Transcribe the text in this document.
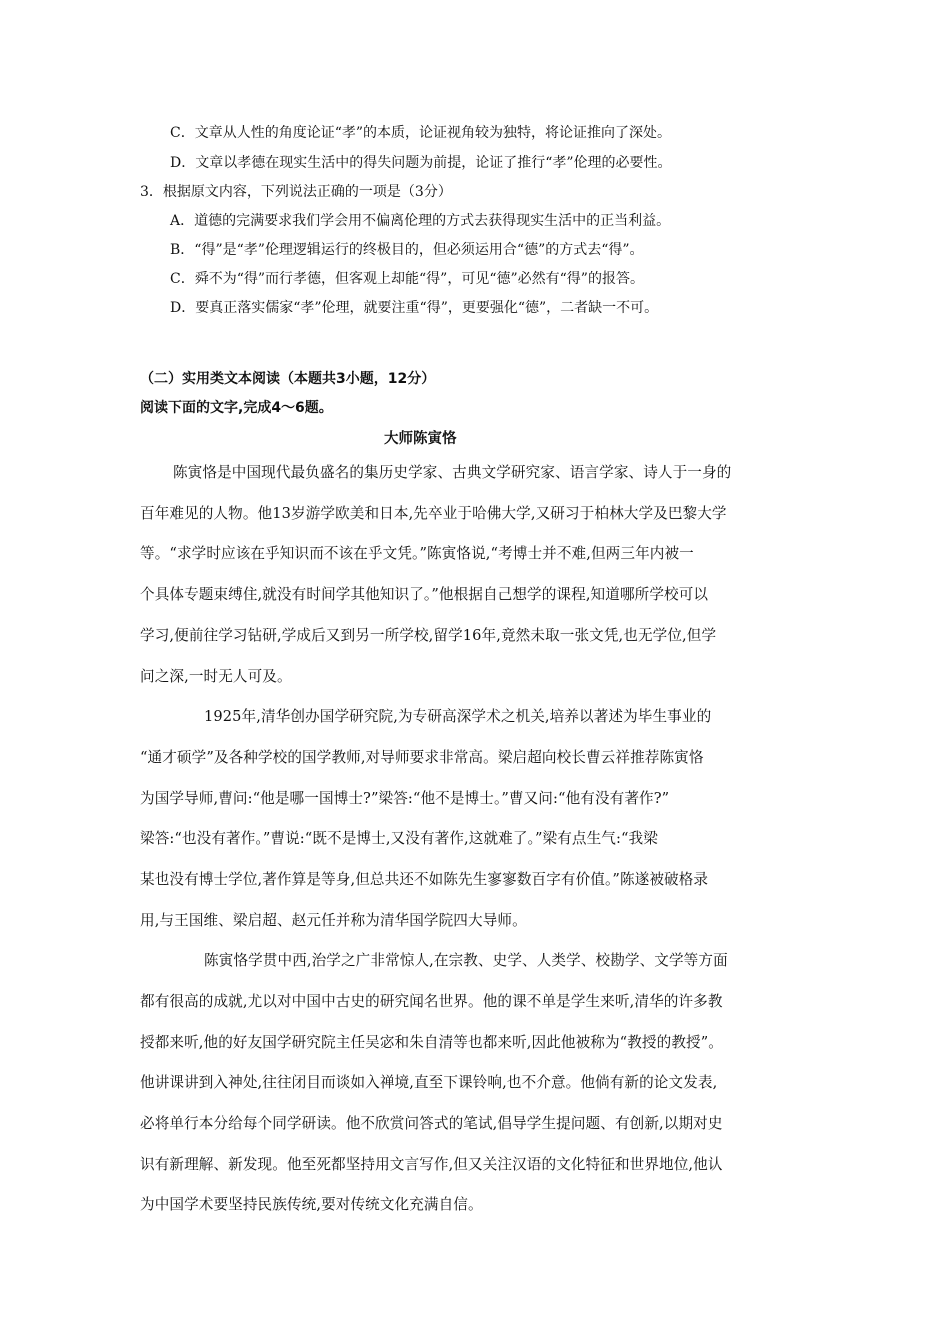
C．文章从人性的角度论证“孝”的本质，论证视角较为独特，将论证推向了深处。
D．文章以孝德在现实生活中的得失问题为前提，论证了推行“孝”伦理的必要性。
3．根据原文内容，下列说法正确的一项是（3分）
A．道德的完满要求我们学会用不偏离伦理的方式去获得现实生活中的正当利益。
B．“得”是“孝”伦理逻辑运行的终极目的，但必须运用合“德”的方式去“得”。
C．舜不为“得”而行孝德，但客观上却能“得”，可见“德”必然有“得”的报答。
D．要真正落实儒家“孝”伦理，就要注重“得”，更要强化“德”，二者缺一不可。
（二）实用类文本阅读（本题共3小题，12分）
阅读下面的文字,完成4～6题。
大师陈寅恪
陈寅恪是中国现代最负盛名的集历史学家、古典文学研究家、语言学家、诗人于一身的
百年难见的人物。他13岁游学欧美和日本,先卒业于哈佛大学,又研习于柏林大学及巴黎大学
等。“求学时应该在乎知识而不该在乎文凭。”陈寅恪说,“考博士并不难,但两三年内被一
个具体专题束缚住,就没有时间学其他知识了。”他根据自己想学的课程,知道哪所学校可以
学习,便前往学习钻研,学成后又到另一所学校,留学16年,竟然未取一张文凭,也无学位,但学
问之深,一时无人可及。
1925年,清华创办国学研究院,为专研高深学术之机关,培养以著述为毕生事业的
“通才硕学”及各种学校的国学教师,对导师要求非常高。梁启超向校长曹云祥推荐陈寅恪
为国学导师,曹问:“他是哪一国博士?”梁答:“他不是博士。”曹又问:“他有没有著作?”
梁答:“也没有著作。”曹说:“既不是博士,又没有著作,这就难了。”梁有点生气:“我梁
某也没有博士学位,著作算是等身,但总共还不如陈先生寥寥数百字有价值。”陈遂被破格录
用,与王国维、梁启超、赵元任并称为清华国学院四大导师。
陈寅恪学贯中西,治学之广非常惊人,在宗教、史学、人类学、校勘学、文学等方面
都有很高的成就,尤以对中国中古史的研究闻名世界。他的课不单是学生来听,清华的许多教
授都来听,他的好友国学研究院主任吴宓和朱自清等也都来听,因此他被称为“教授的教授”。
他讲课讲到入神处,往往闭目而谈如入禅境,直至下课铃响,也不介意。他倘有新的论文发表,
必将单行本分给每个同学研读。他不欣赏问答式的笔试,倡导学生提问题、有创新,以期对史
识有新理解、新发现。他至死都坚持用文言写作,但又关注汉语的文化特征和世界地位,他认
为中国学术要坚持民族传统,要对传统文化充满自信。
